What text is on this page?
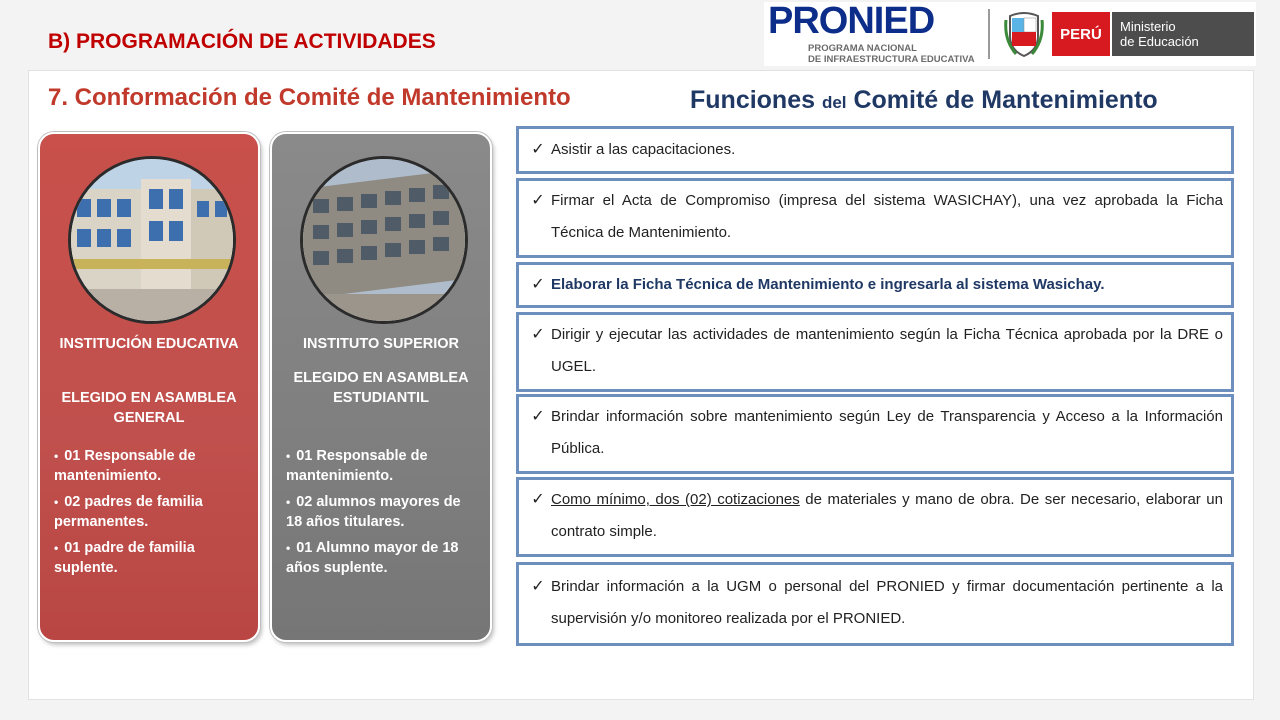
B) PROGRAMACIÓN DE ACTIVIDADES	PRONIED
PROGRAMA NACIONAL
DE INFRAESTRUCTURA EDUCATIVA
PERÚ	Ministerio
de Educación
7. Conformación de Comité de Mantenimiento	Funciones del Comité de Mantenimiento
INSTITUCIÓN EDUCATIVA
ELEGIDO EN ASAMBLEA GENERAL
• 01 Responsable de mantenimiento.
• 02 padres de familia permanentes.
• 01 padre de familia suplente.
INSTITUTO SUPERIOR
ELEGIDO EN ASAMBLEA ESTUDIANTIL
• 01 Responsable de mantenimiento.
• 02 alumnos mayores de 18 años titulares.
• 01 Alumno mayor de 18 años suplente.
✓ Asistir a las capacitaciones.
✓ Firmar el Acta de Compromiso (impresa del sistema WASICHAY), una vez aprobada la Ficha Técnica de Mantenimiento.
✓ Elaborar la Ficha Técnica de Mantenimiento e ingresarla al sistema Wasichay.
✓ Dirigir y ejecutar las actividades de mantenimiento según la Ficha Técnica aprobada por la DRE o UGEL.
✓ Brindar información sobre mantenimiento según Ley de Transparencia y Acceso a la Información Pública.
✓ Como mínimo, dos (02) cotizaciones de materiales y mano de obra. De ser necesario, elaborar un contrato simple.
✓ Brindar información a la UGM o personal del PRONIED y firmar documentación pertinente a la supervisión y/o monitoreo realizada por el PRONIED.
